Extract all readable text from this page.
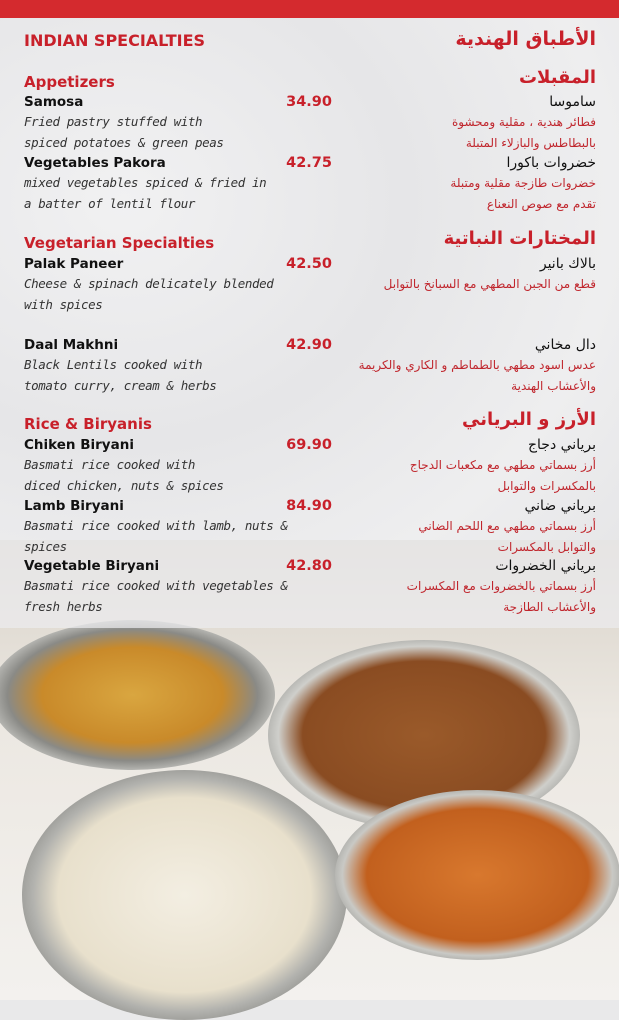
INDIAN SPECIALTIES	الأطباق الهندية
Appetizers	المقبلات
Samosa	34.90
Fried pastry stuffed with
spiced potatoes & green peas
ساموسا
فطائر هندية ، مقلية ومحشوة
بالبطاطس والبازلاء المتبلة
Vegetables Pakora	42.75
mixed vegetables spiced & fried in
a batter of lentil flour
خضروات باكورا
خضروات طازجة مقلية ومتبلة
تقدم مع صوص النعناع
Vegetarian Specialties	المختارات النباتية
Palak Paneer	42.50
Cheese & spinach delicately blended
with spices
بالاك بانير
قطع من الجبن المطهي مع السبانخ بالتوابل
Daal Makhni	42.90
Black Lentils cooked with
tomato curry, cream & herbs
دال مخاني
عدس اسود مطهي بالطماطم و الكاري والكريمة
والأعشاب الهندية
Rice & Biryanis	الأرز و البرياني
Chiken Biryani	69.90
Basmati rice cooked with
diced chicken, nuts & spices
برياني دجاج
أرز بسماتي مطهي مع مكعبات الدجاج
بالمكسرات والتوابل
Lamb Biryani	84.90
Basmati rice cooked with lamb, nuts &
spices
برياني ضاني
أرز بسماتي مطهي مع اللحم الضاني
والتوابل بالمكسرات
Vegetable Biryani	42.80
Basmati rice cooked with vegetables &
fresh herbs
برياني الخضروات
أرز بسماتي بالخضروات مع المكسرات
والأعشاب الطازجة
